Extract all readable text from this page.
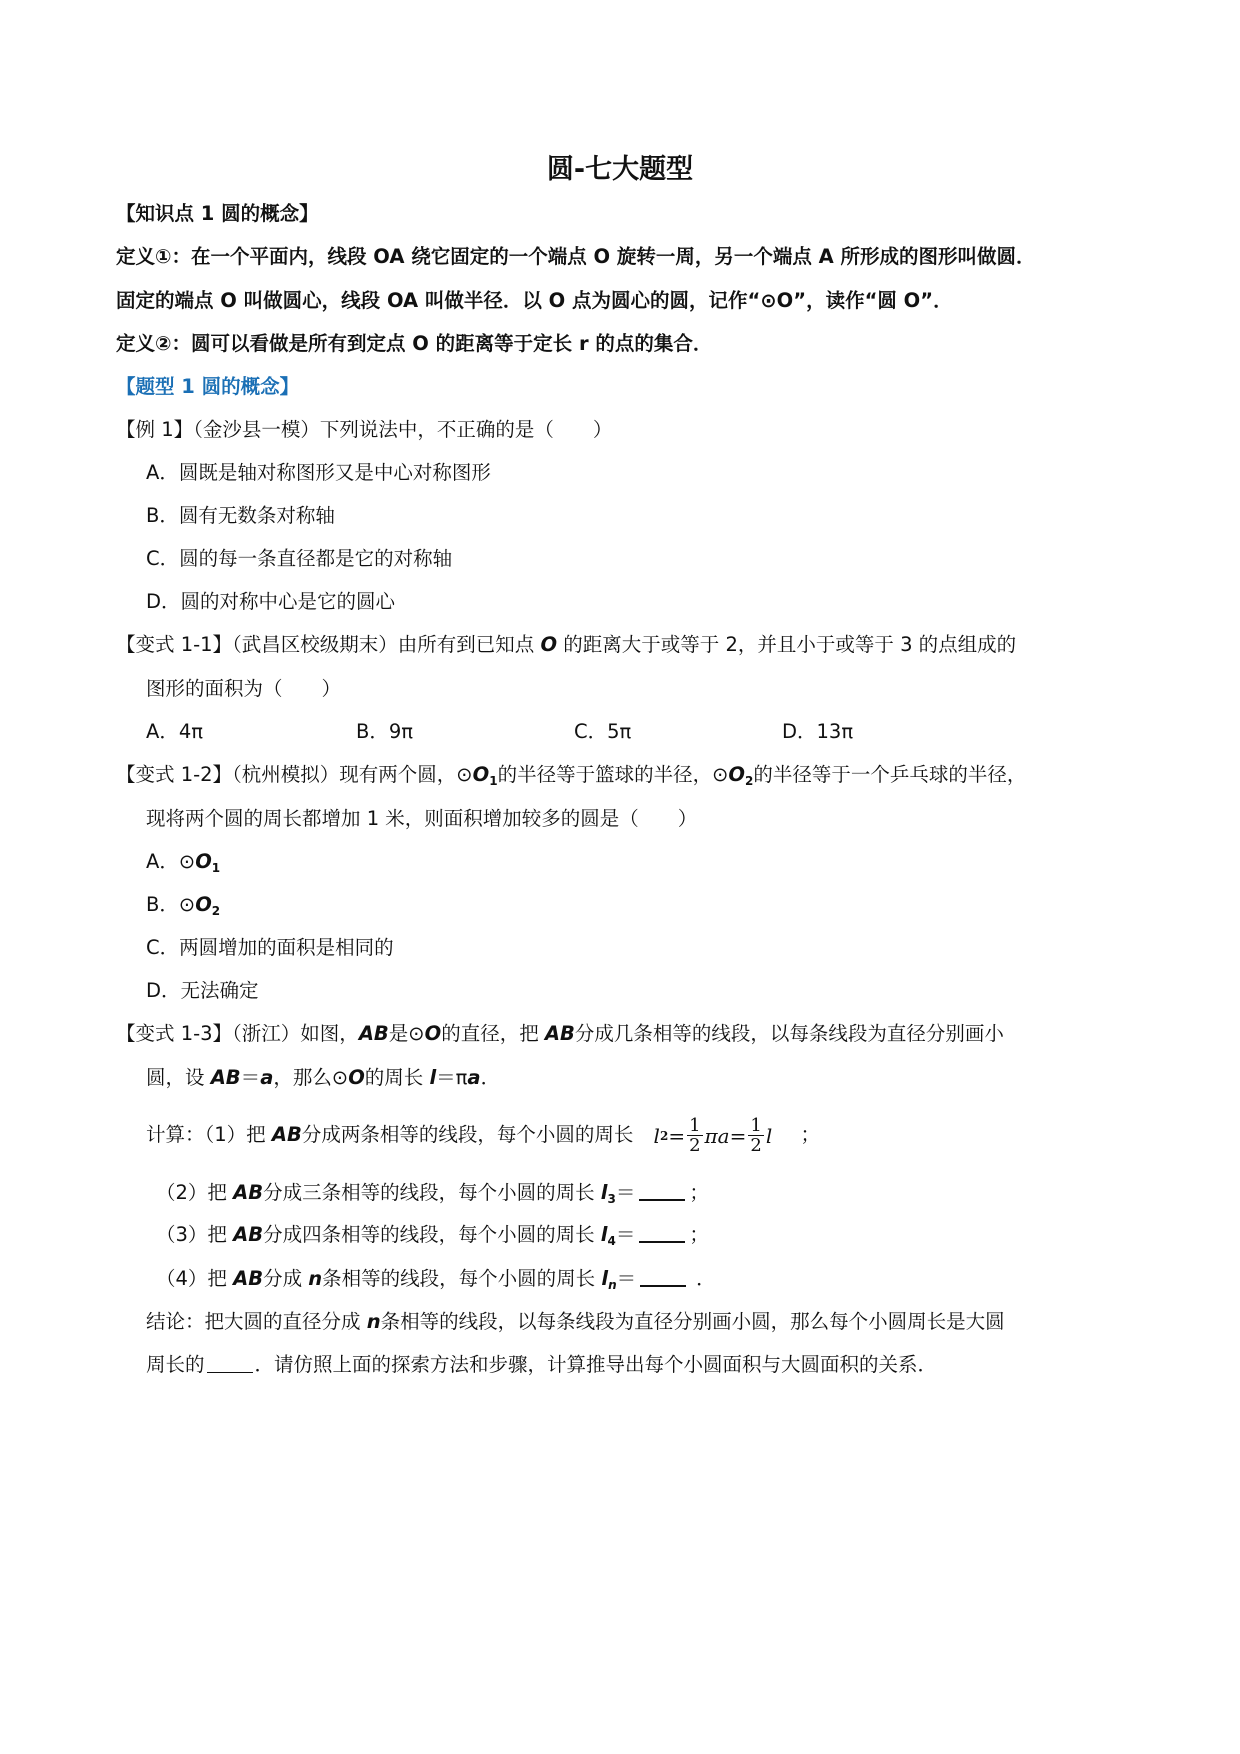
圆-七大题型
【知识点 1 圆的概念】
定义①：在一个平面内，线段 OA 绕它固定的一个端点 O 旋转一周，另一个端点 A 所形成的图形叫做圆．
固定的端点 O 叫做圆心，线段 OA 叫做半径．以 O 点为圆心的圆，记作“⊙O”，读作“圆 O”．
定义②：圆可以看做是所有到定点 O 的距离等于定长 r 的点的集合．
【题型 1 圆的概念】
【例 1】（金沙县一模）下列说法中，不正确的是（　　）
A．圆既是轴对称图形又是中心对称图形
B．圆有无数条对称轴
C．圆的每一条直径都是它的对称轴
D．圆的对称中心是它的圆心
【变式 1-1】（武昌区校级期末）由所有到已知点 O 的距离大于或等于 2，并且小于或等于 3 的点组成的
图形的面积为（　　）
A．4π	B．9π	C．5π	D．13π
【变式 1-2】（杭州模拟）现有两个圆，$⊙O_1$的半径等于篮球的半径，$⊙O_2$的半径等于一个乒乓球的半径，
现将两个圆的周长都增加 1 米，则面积增加较多的圆是（　　）
A．$⊙O_1$
B．$⊙O_2$
C．两圆增加的面积是相同的
D．无法确定
【变式 1-3】（浙江）如图，AB是⊙O的直径，把 AB分成几条相等的线段，以每条线段为直径分别画小
圆，设 AB＝a，那么⊙O的周长 l＝πa．
计算：（1）把 AB分成两条相等的线段，每个小圆的周长 l $2 = \frac{1}{2}$ $\pi a = \frac{1}{2}$ l ；
（2）把 AB分成三条相等的线段，每个小圆的周长 $l_3=$	；
（3）把 AB分成四条相等的线段，每个小圆的周长 $l_4=$	；
（4）把 AB分成 n条相等的线段，每个小圆的周长 $l_n=$	．
结论：把大圆的直径分成 n条相等的线段，以每条线段为直径分别画小圆，那么每个小圆周长是大圆
周长的	．请仿照上面的探索方法和步骤，计算推导出每个小圆面积与大圆面积的关系．
